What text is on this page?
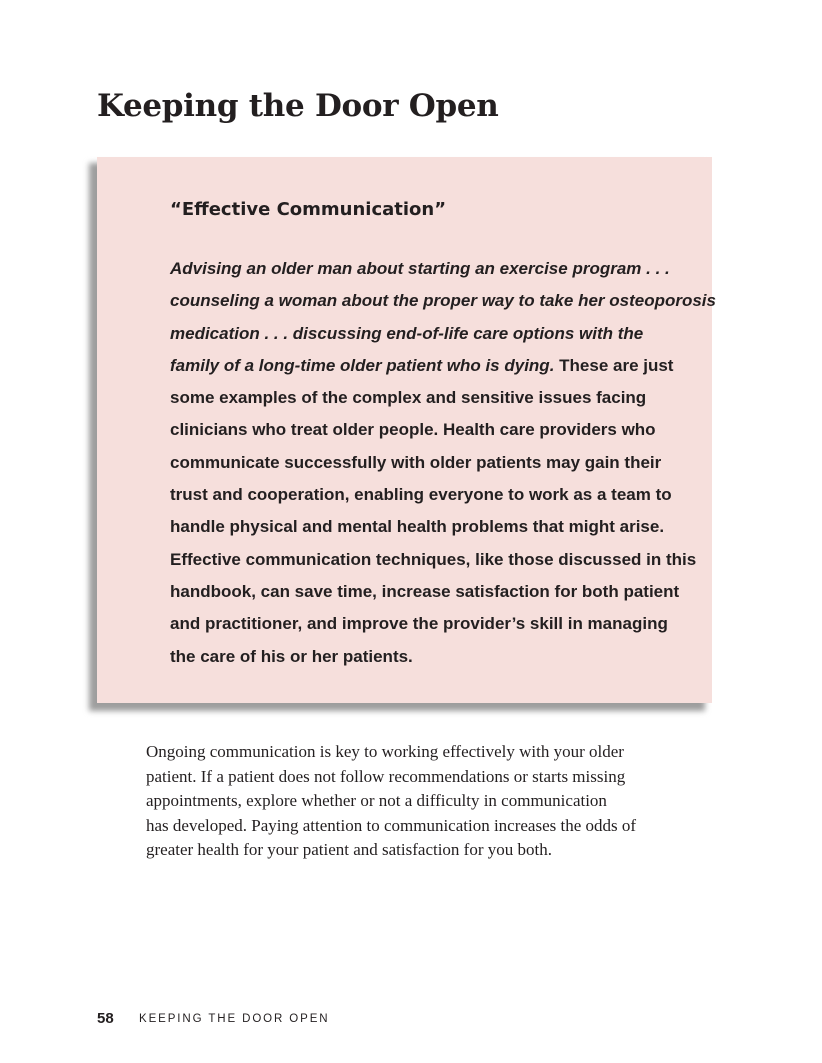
Keeping the Door Open
“Effective Communication”

Advising an older man about starting an exercise program . . .
counseling a woman about the proper way to take her osteoporosis
medication . . . discussing end-of-life care options with the
family of a long-time older patient who is dying. These are just
some examples of the complex and sensitive issues facing
clinicians who treat older people. Health care providers who
communicate successfully with older patients may gain their
trust and cooperation, enabling everyone to work as a team to
handle physical and mental health problems that might arise.
Effective communication techniques, like those discussed in this
handbook, can save time, increase satisfaction for both patient
and practitioner, and improve the provider’s skill in managing
the care of his or her patients.

Ongoing communication is key to working effectively with your older
patient. If a patient does not follow recommendations or starts missing
appointments, explore whether or not a difficulty in communication
has developed. Paying attention to communication increases the odds of
greater health for your patient and satisfaction for you both.

58 KEEPING THE DOOR OPEN
